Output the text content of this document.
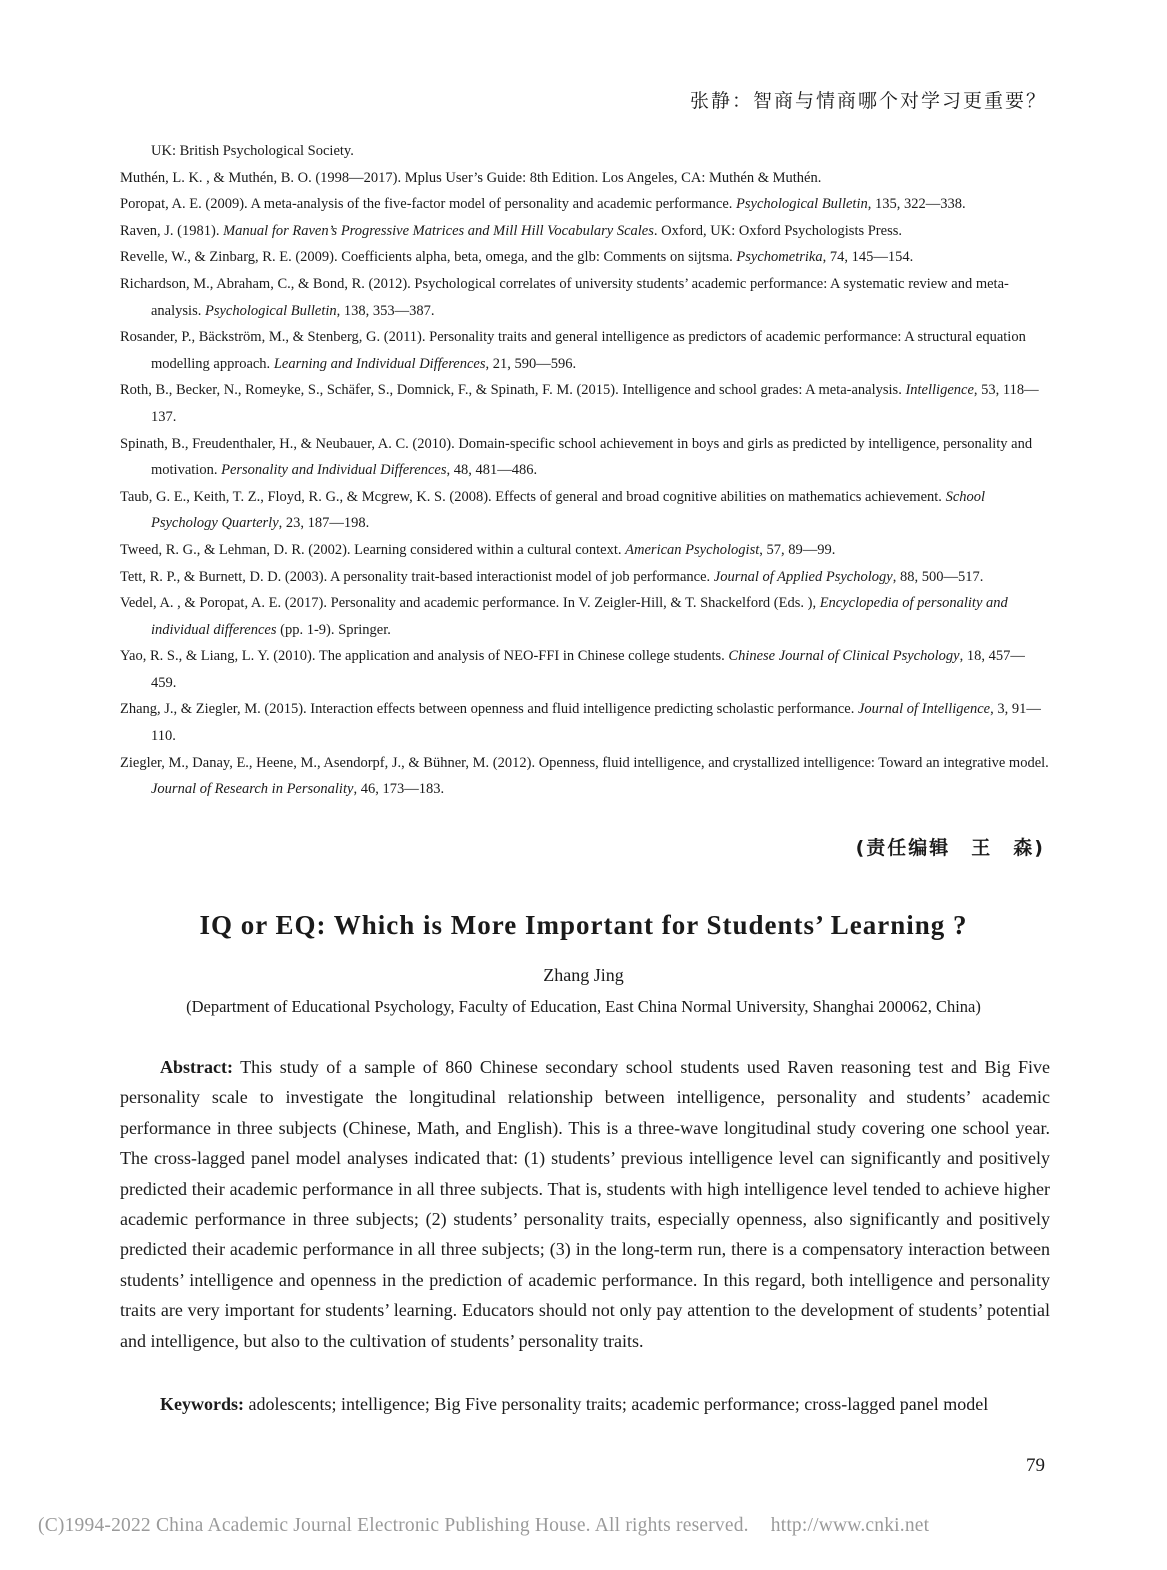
张静：智商与情商哪个对学习更重要？

UK: British Psychological Society.

Muthén, L. K. , & Muthén, B. O. (1998—2017). Mplus User’s Guide: 8th Edition. Los Angeles, CA: Muthén & Muthén.

Poropat, A. E. (2009). A meta-analysis of the five-factor model of personality and academic performance. Psychological Bulletin, 135, 322—338.

Raven, J. (1981). Manual for Raven’s Progressive Matrices and Mill Hill Vocabulary Scales. Oxford, UK: Oxford Psychologists Press.

Revelle, W., & Zinbarg, R. E. (2009). Coefficients alpha, beta, omega, and the glb: Comments on sijtsma. Psychometrika, 74, 145—154.

Richardson, M., Abraham, C., & Bond, R. (2012). Psychological correlates of university students’ academic performance: A systematic review and meta-analysis. Psychological Bulletin, 138, 353—387.

Rosander, P., Bäckström, M., & Stenberg, G. (2011). Personality traits and general intelligence as predictors of academic performance: A structural equation modelling approach. Learning and Individual Differences, 21, 590—596.

Roth, B., Becker, N., Romeyke, S., Schäfer, S., Domnick, F., & Spinath, F. M. (2015). Intelligence and school grades: A meta-analysis. Intelligence, 53, 118—137.

Spinath, B., Freudenthaler, H., & Neubauer, A. C. (2010). Domain-specific school achievement in boys and girls as predicted by intelligence, personality and motivation. Personality and Individual Differences, 48, 481—486.

Taub, G. E., Keith, T. Z., Floyd, R. G., & Mcgrew, K. S. (2008). Effects of general and broad cognitive abilities on mathematics achievement. School Psychology Quarterly, 23, 187—198.

Tweed, R. G., & Lehman, D. R. (2002). Learning considered within a cultural context. American Psychologist, 57, 89—99.

Tett, R. P., & Burnett, D. D. (2003). A personality trait-based interactionist model of job performance. Journal of Applied Psychology, 88, 500—517.

Vedel, A. , & Poropat, A. E. (2017). Personality and academic performance. In V. Zeigler-Hill, & T. Shackelford (Eds. ), Encyclopedia of personality and individual differences (pp. 1-9). Springer.

Yao, R. S., & Liang, L. Y. (2010). The application and analysis of NEO-FFI in Chinese college students. Chinese Journal of Clinical Psychology, 18, 457—459.

Zhang, J., & Ziegler, M. (2015). Interaction effects between openness and fluid intelligence predicting scholastic performance. Journal of Intelligence, 3, 91—110.

Ziegler, M., Danay, E., Heene, M., Asendorpf, J., & Bühner, M. (2012). Openness, fluid intelligence, and crystallized intelligence: Toward an integrative model. Journal of Research in Personality, 46, 173—183.

(责任编辑　王　森)
IQ or EQ: Which is More Important for Students’ Learning ?
Zhang Jing
(Department of Educational Psychology, Faculty of Education, East China Normal University, Shanghai 200062, China)
Abstract: This study of a sample of 860 Chinese secondary school students used Raven reasoning test and Big Five personality scale to investigate the longitudinal relationship between intelligence, personality and students’ academic performance in three subjects (Chinese, Math, and English). This is a three-wave longitudinal study covering one school year. The cross-lagged panel model analyses indicated that: (1) students’ previous intelligence level can significantly and positively predicted their academic performance in all three subjects. That is, students with high intelligence level tended to achieve higher academic performance in three subjects; (2) students’ personality traits, especially openness, also significantly and positively predicted their academic performance in all three subjects; (3) in the long-term run, there is a compensatory interaction between students’ intelligence and openness in the prediction of academic performance. In this regard, both intelligence and personality traits are very important for students’ learning. Educators should not only pay attention to the development of students’ potential and intelligence, but also to the cultivation of students’ personality traits.
Keywords: adolescents; intelligence; Big Five personality traits; academic performance; cross-lagged panel model
79
(C)1994-2022 China Academic Journal Electronic Publishing House. All rights reserved. http://www.cnki.net
